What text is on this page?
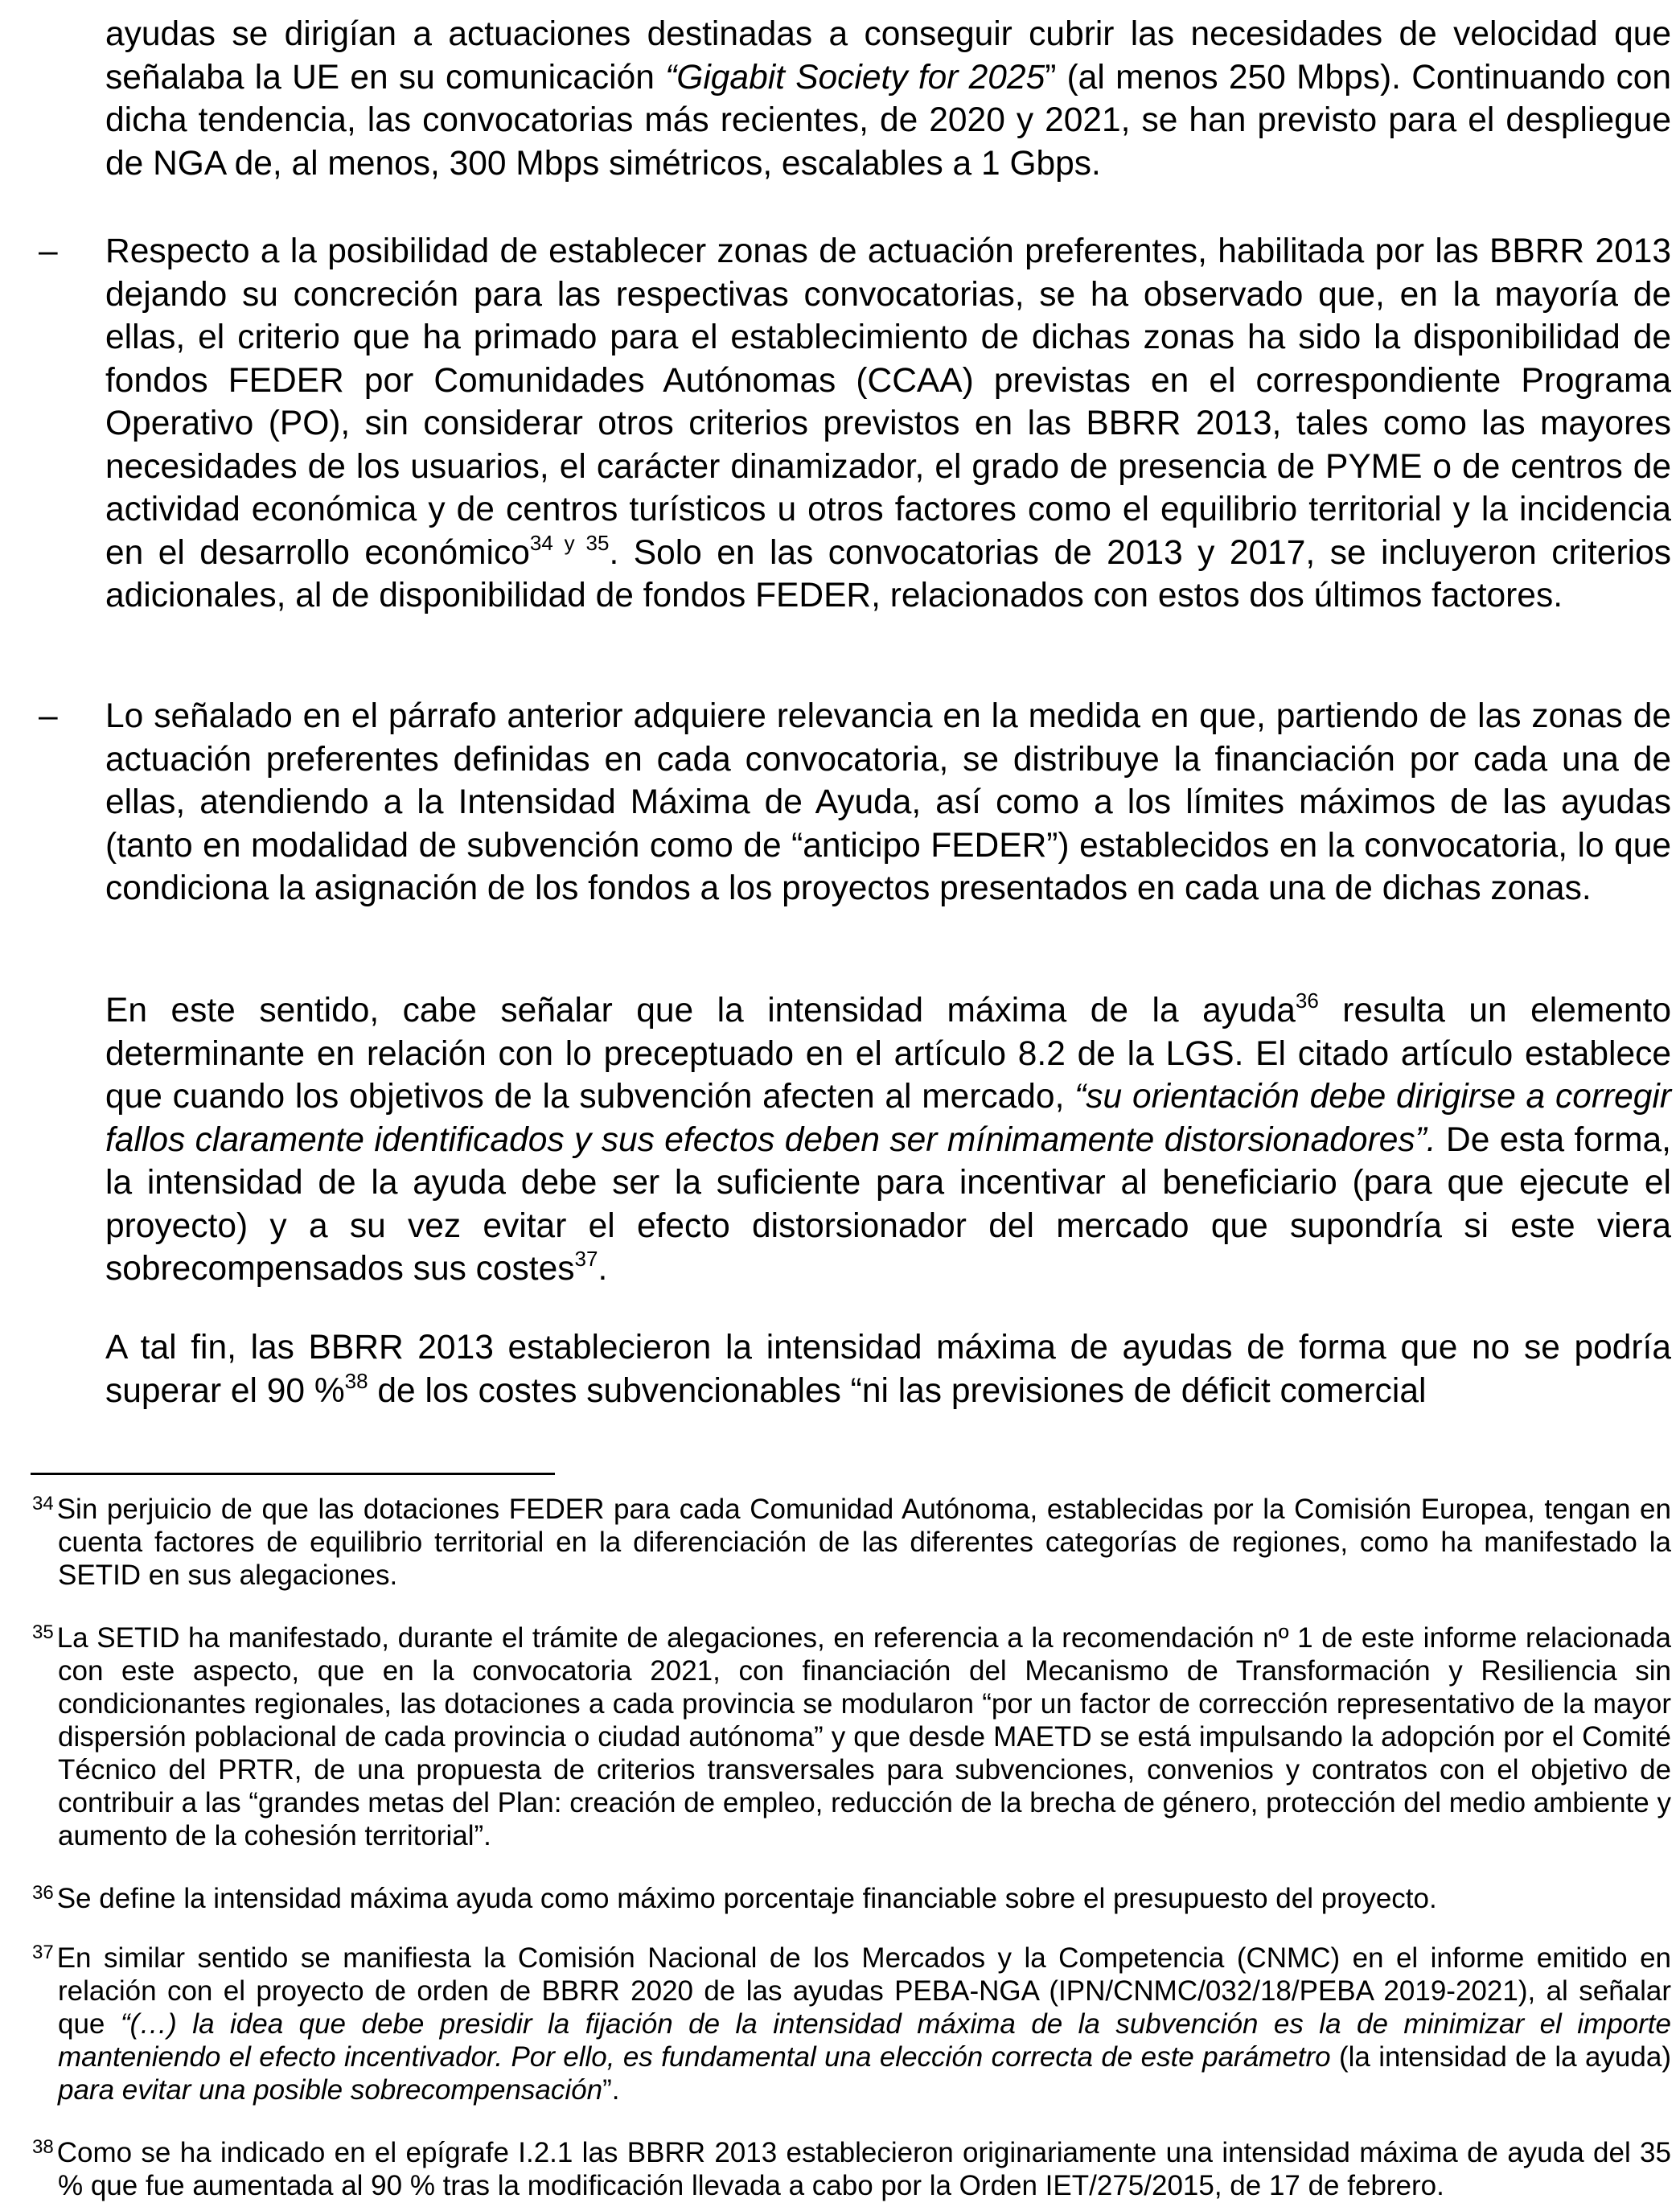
ayudas se dirigían a actuaciones destinadas a conseguir cubrir las necesidades de velocidad que señalaba la UE en su comunicación “Gigabit Society for 2025” (al menos 250 Mbps). Continuando con dicha tendencia, las convocatorias más recientes, de 2020 y 2021, se han previsto para el despliegue de NGA de, al menos, 300 Mbps simétricos, escalables a 1 Gbps.

– Respecto a la posibilidad de establecer zonas de actuación preferentes, habilitada por las BBRR 2013 dejando su concreción para las respectivas convocatorias, se ha observado que, en la mayoría de ellas, el criterio que ha primado para el establecimiento de dichas zonas ha sido la disponibilidad de fondos FEDER por Comunidades Autónomas (CCAA) previstas en el correspondiente Programa Operativo (PO), sin considerar otros criterios previstos en las BBRR 2013, tales como las mayores necesidades de los usuarios, el carácter dinamizador, el grado de presencia de PYME o de centros de actividad económica y de centros turísticos u otros factores como el equilibrio territorial y la incidencia en el desarrollo económico$^{34 y 35}$. Solo en las convocatorias de 2013 y 2017, se incluyeron criterios adicionales, al de disponibilidad de fondos FEDER, relacionados con estos dos últimos factores.

– Lo señalado en el párrafo anterior adquiere relevancia en la medida en que, partiendo de las zonas de actuación preferentes definidas en cada convocatoria, se distribuye la financiación por cada una de ellas, atendiendo a la Intensidad Máxima de Ayuda, así como a los límites máximos de las ayudas (tanto en modalidad de subvención como de “anticipo FEDER”) establecidos en la convocatoria, lo que condiciona la asignación de los fondos a los proyectos presentados en cada una de dichas zonas.

En este sentido, cabe señalar que la intensidad máxima de la ayuda$^{36}$ resulta un elemento determinante en relación con lo preceptuado en el artículo 8.2 de la LGS. El citado artículo establece que cuando los objetivos de la subvención afecten al mercado, “su orientación debe dirigirse a corregir fallos claramente identificados y sus efectos deben ser mínimamente distorsionadores”. De esta forma, la intensidad de la ayuda debe ser la suficiente para incentivar al beneficiario (para que ejecute el proyecto) y a su vez evitar el efecto distorsionador del mercado que supondría si este viera sobrecompensados sus costes$^{37}$.

A tal fin, las BBRR 2013 establecieron la intensidad máxima de ayudas de forma que no se podría superar el 90 %$^{38}$ de los costes subvencionables “ni las previsiones de déficit comercial

$^{34}$ Sin perjuicio de que las dotaciones FEDER para cada Comunidad Autónoma, establecidas por la Comisión Europea, tengan en cuenta factores de equilibrio territorial en la diferenciación de las diferentes categorías de regiones, como ha manifestado la SETID en sus alegaciones.

$^{35}$ La SETID ha manifestado, durante el trámite de alegaciones, en referencia a la recomendación nº 1 de este informe relacionada con este aspecto, que en la convocatoria 2021, con financiación del Mecanismo de Transformación y Resiliencia sin condicionantes regionales, las dotaciones a cada provincia se modularon “por un factor de corrección representativo de la mayor dispersión poblacional de cada provincia o ciudad autónoma” y que desde MAETD se está impulsando la adopción por el Comité Técnico del PRTR, de una propuesta de criterios transversales para subvenciones, convenios y contratos con el objetivo de contribuir a las “grandes metas del Plan: creación de empleo, reducción de la brecha de género, protección del medio ambiente y aumento de la cohesión territorial”.

$^{36}$ Se define la intensidad máxima ayuda como máximo porcentaje financiable sobre el presupuesto del proyecto.

$^{37}$ En similar sentido se manifiesta la Comisión Nacional de los Mercados y la Competencia (CNMC) en el informe emitido en relación con el proyecto de orden de BBRR 2020 de las ayudas PEBA-NGA (IPN/CNMC/032/18/PEBA 2019-2021), al señalar que “(…) la idea que debe presidir la fijación de la intensidad máxima de la subvención es la de minimizar el importe manteniendo el efecto incentivador. Por ello, es fundamental una elección correcta de este parámetro (la intensidad de la ayuda) para evitar una posible sobrecompensación”.

$^{38}$ Como se ha indicado en el epígrafe I.2.1 las BBRR 2013 establecieron originariamente una intensidad máxima de ayuda del 35 % que fue aumentada al 90 % tras la modificación llevada a cabo por la Orden IET/275/2015, de 17 de febrero.
